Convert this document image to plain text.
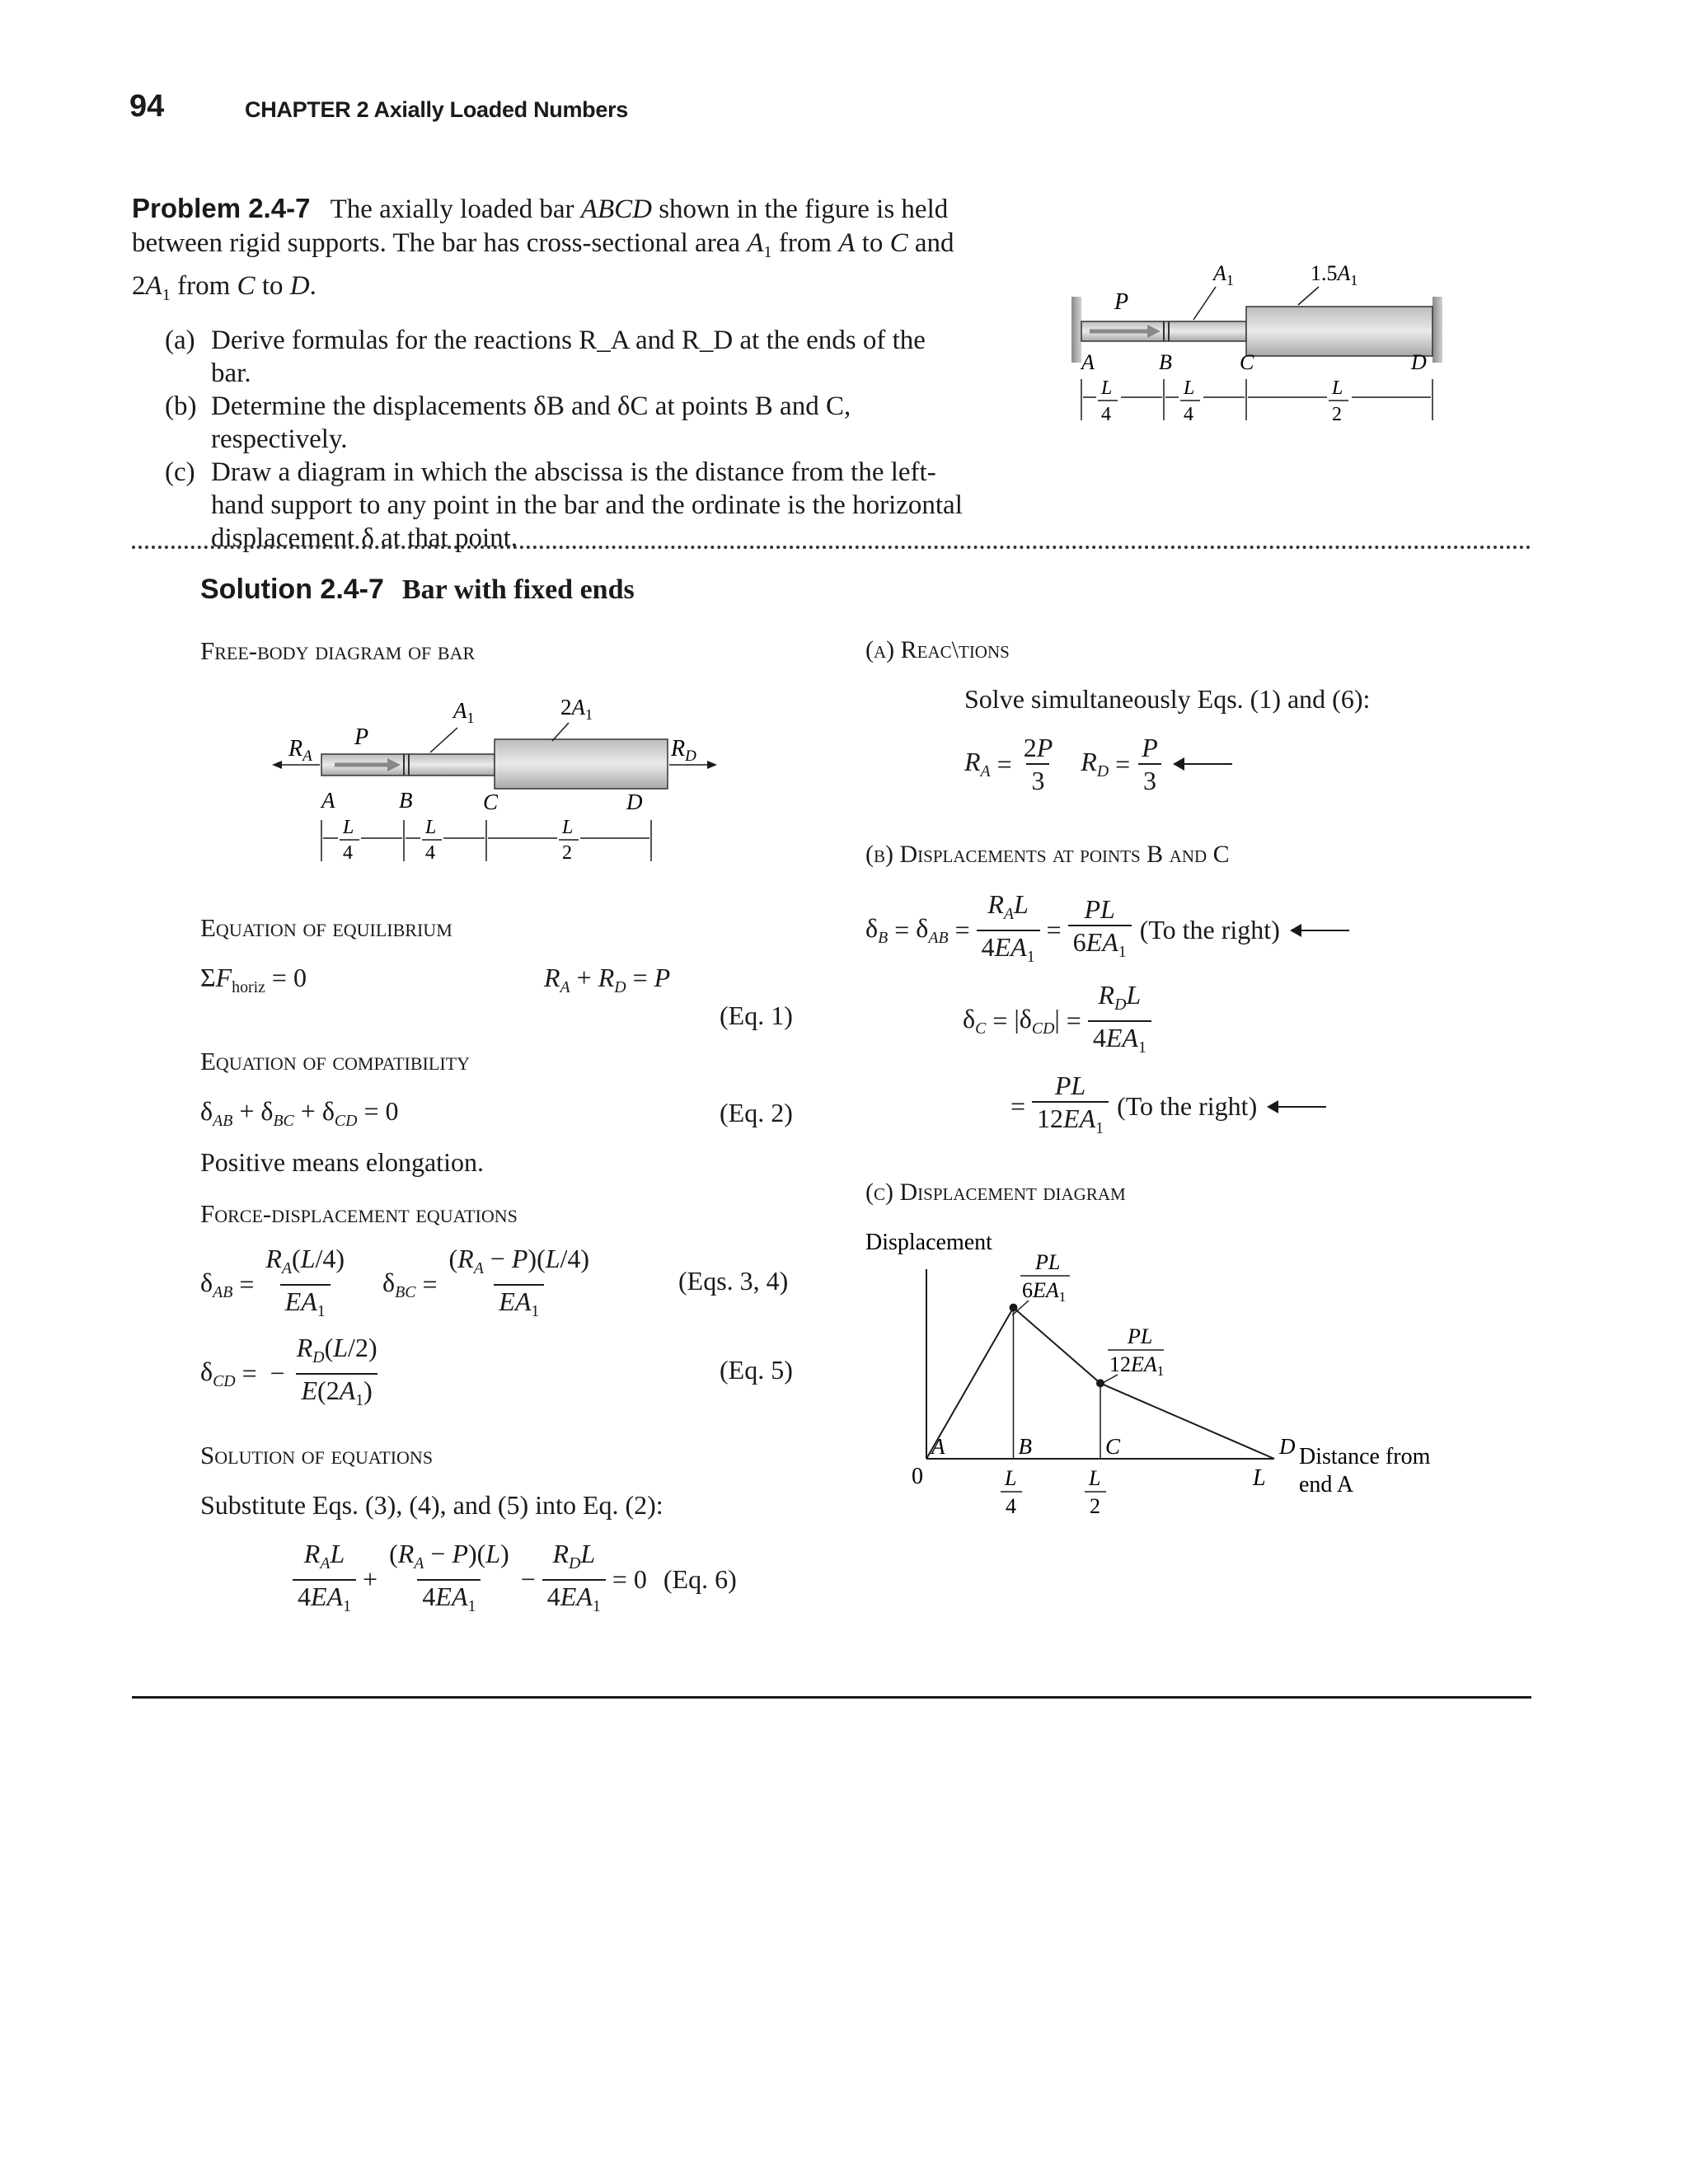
94	CHAPTER 2 Axially Loaded Numbers
Problem 2.4-7 The axially loaded bar ABCD shown in the figure is held between rigid supports. The bar has cross-sectional area $A_1$ from A to C and $2A_1$ from C to D.
(a) Derive formulas for the reactions R_A and R_D at the ends of the bar.
(b) Determine the displacements δB and δC at points B and C, respectively.
(c) Draw a diagram in which the abscissa is the distance from the left-hand support to any point in the bar and the ordinate is the horizontal displacement δ at that point.
P
$A_1$	$1.5A_1$
A	B	C	D
L
4
L
4
L
2
Solution 2.4-7 Bar with fixed ends
Free-body diagram of bar
$R_A$	$R_D$
P
$A_1$	$2A_1$
A	B	C	D
L
4
L
4
L
2
Equation of equilibrium
$\Sigma F_{horiz} = 0$	$R_A + R_D = P$
(Eq. 1)
Equation of compatibility
$\delta_{AB} + \delta_{BC} + \delta_{CD} = 0$	(Eq. 2)
Positive means elongation.
Force-displacement equations
$\delta_{AB} = \frac{R_A(L/4)}{EA_1} \delta_{BC} = \frac{(R_A - P)(L/4)}{EA_1}$	(Eqs. 3, 4)
$\delta_{CD}$ = − $\frac{R_D(L/2)}{E(2A_1)}$	(Eq. 5)
Solution of equations
Substitute Eqs. (3), (4), and (5) into Eq. (2):
$\frac{R_AL}{4EA_1} + \frac{(R_A - P)(L)}{4EA_1} - \frac{R_DL}{4EA_1} = 0$ (Eq. 6)
(a) Reac\tions
Solve simultaneously Eqs. (1) and (6):
$R_A = \frac{2P}{3} R_D = \frac{P}{3}$
(b) Displacements at points B and C
$\delta_B = \delta_{AB} = \frac{R_AL}{4EA_1} = \frac{PL}{6EA_1} (To$ the right)
$\delta_C = |\delta_{CD}| = \frac{R_DL}{4EA_1}$
= $\frac{PL}{12EA_1} (To$ the right)
(c) Displacement diagram
Displacement
A	B	C	D
0	L
4
L
2
L
Distance from
end A
PL
6EA1
PL
12EA1
